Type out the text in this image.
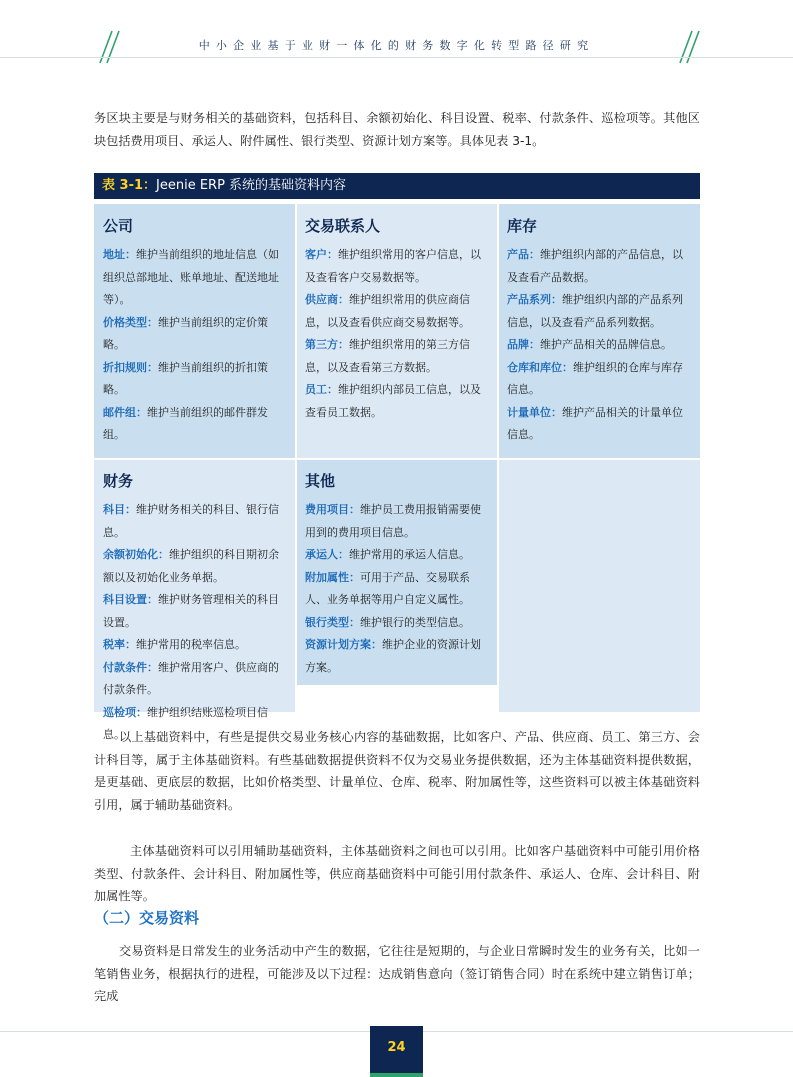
中小企业基于业财一体化的财务数字化转型路径研究
务区块主要是与财务相关的基础资料，包括科目、余额初始化、科目设置、税率、付款条件、巡检项等。其他区块包括费用项目、承运人、附件属性、银行类型、资源计划方案等。具体见表 3-1。
表 3-1：Jeenie ERP 系统的基础资料内容
公司
地址：维护当前组织的地址信息（如组织总部地址、账单地址、配送地址等）。
价格类型：维护当前组织的定价策略。
折扣规则：维护当前组织的折扣策略。
邮件组：维护当前组织的邮件群发组。
交易联系人
客户：维护组织常用的客户信息，以及查看客户交易数据等。
供应商：维护组织常用的供应商信息，以及查看供应商交易数据等。
第三方：维护组织常用的第三方信息，以及查看第三方数据。
员工：维护组织内部员工信息，以及查看员工数据。
库存
产品：维护组织内部的产品信息，以及查看产品数据。
产品系列：维护组织内部的产品系列信息，以及查看产品系列数据。
品牌：维护产品相关的品牌信息。
仓库和库位：维护组织的仓库与库存信息。
计量单位：维护产品相关的计量单位信息。
财务
科目：维护财务相关的科目、银行信息。
余额初始化：维护组织的科目期初余额以及初始化业务单据。
科目设置：维护财务管理相关的科目设置。
税率：维护常用的税率信息。
付款条件：维护常用客户、供应商的付款条件。
巡检项：维护组织结账巡检项目信息。
其他
费用项目：维护员工费用报销需要使用到的费用项目信息。
承运人：维护常用的承运人信息。
附加属性：可用于产品、交易联系人、业务单据等用户自定义属性。
银行类型：维护银行的类型信息。
资源计划方案：维护企业的资源计划方案。
以上基础资料中，有些是提供交易业务核心内容的基础数据，比如客户、产品、供应商、员工、第三方、会计科目等，属于主体基础资料。有些基础数据提供资料不仅为交易业务提供数据，还为主体基础资料提供数据，是更基础、更底层的数据，比如价格类型、计量单位、仓库、税率、附加属性等，这些资料可以被主体基础资料引用，属于辅助基础资料。
主体基础资料可以引用辅助基础资料，主体基础资料之间也可以引用。比如客户基础资料中可能引用价格类型、付款条件、会计科目、附加属性等，供应商基础资料中可能引用付款条件、承运人、仓库、会计科目、附加属性等。
（二）交易资料
交易资料是日常发生的业务活动中产生的数据，它往往是短期的，与企业日常瞬时发生的业务有关，比如一笔销售业务，根据执行的进程，可能涉及以下过程：达成销售意向（签订销售合同）时在系统中建立销售订单；完成
24
